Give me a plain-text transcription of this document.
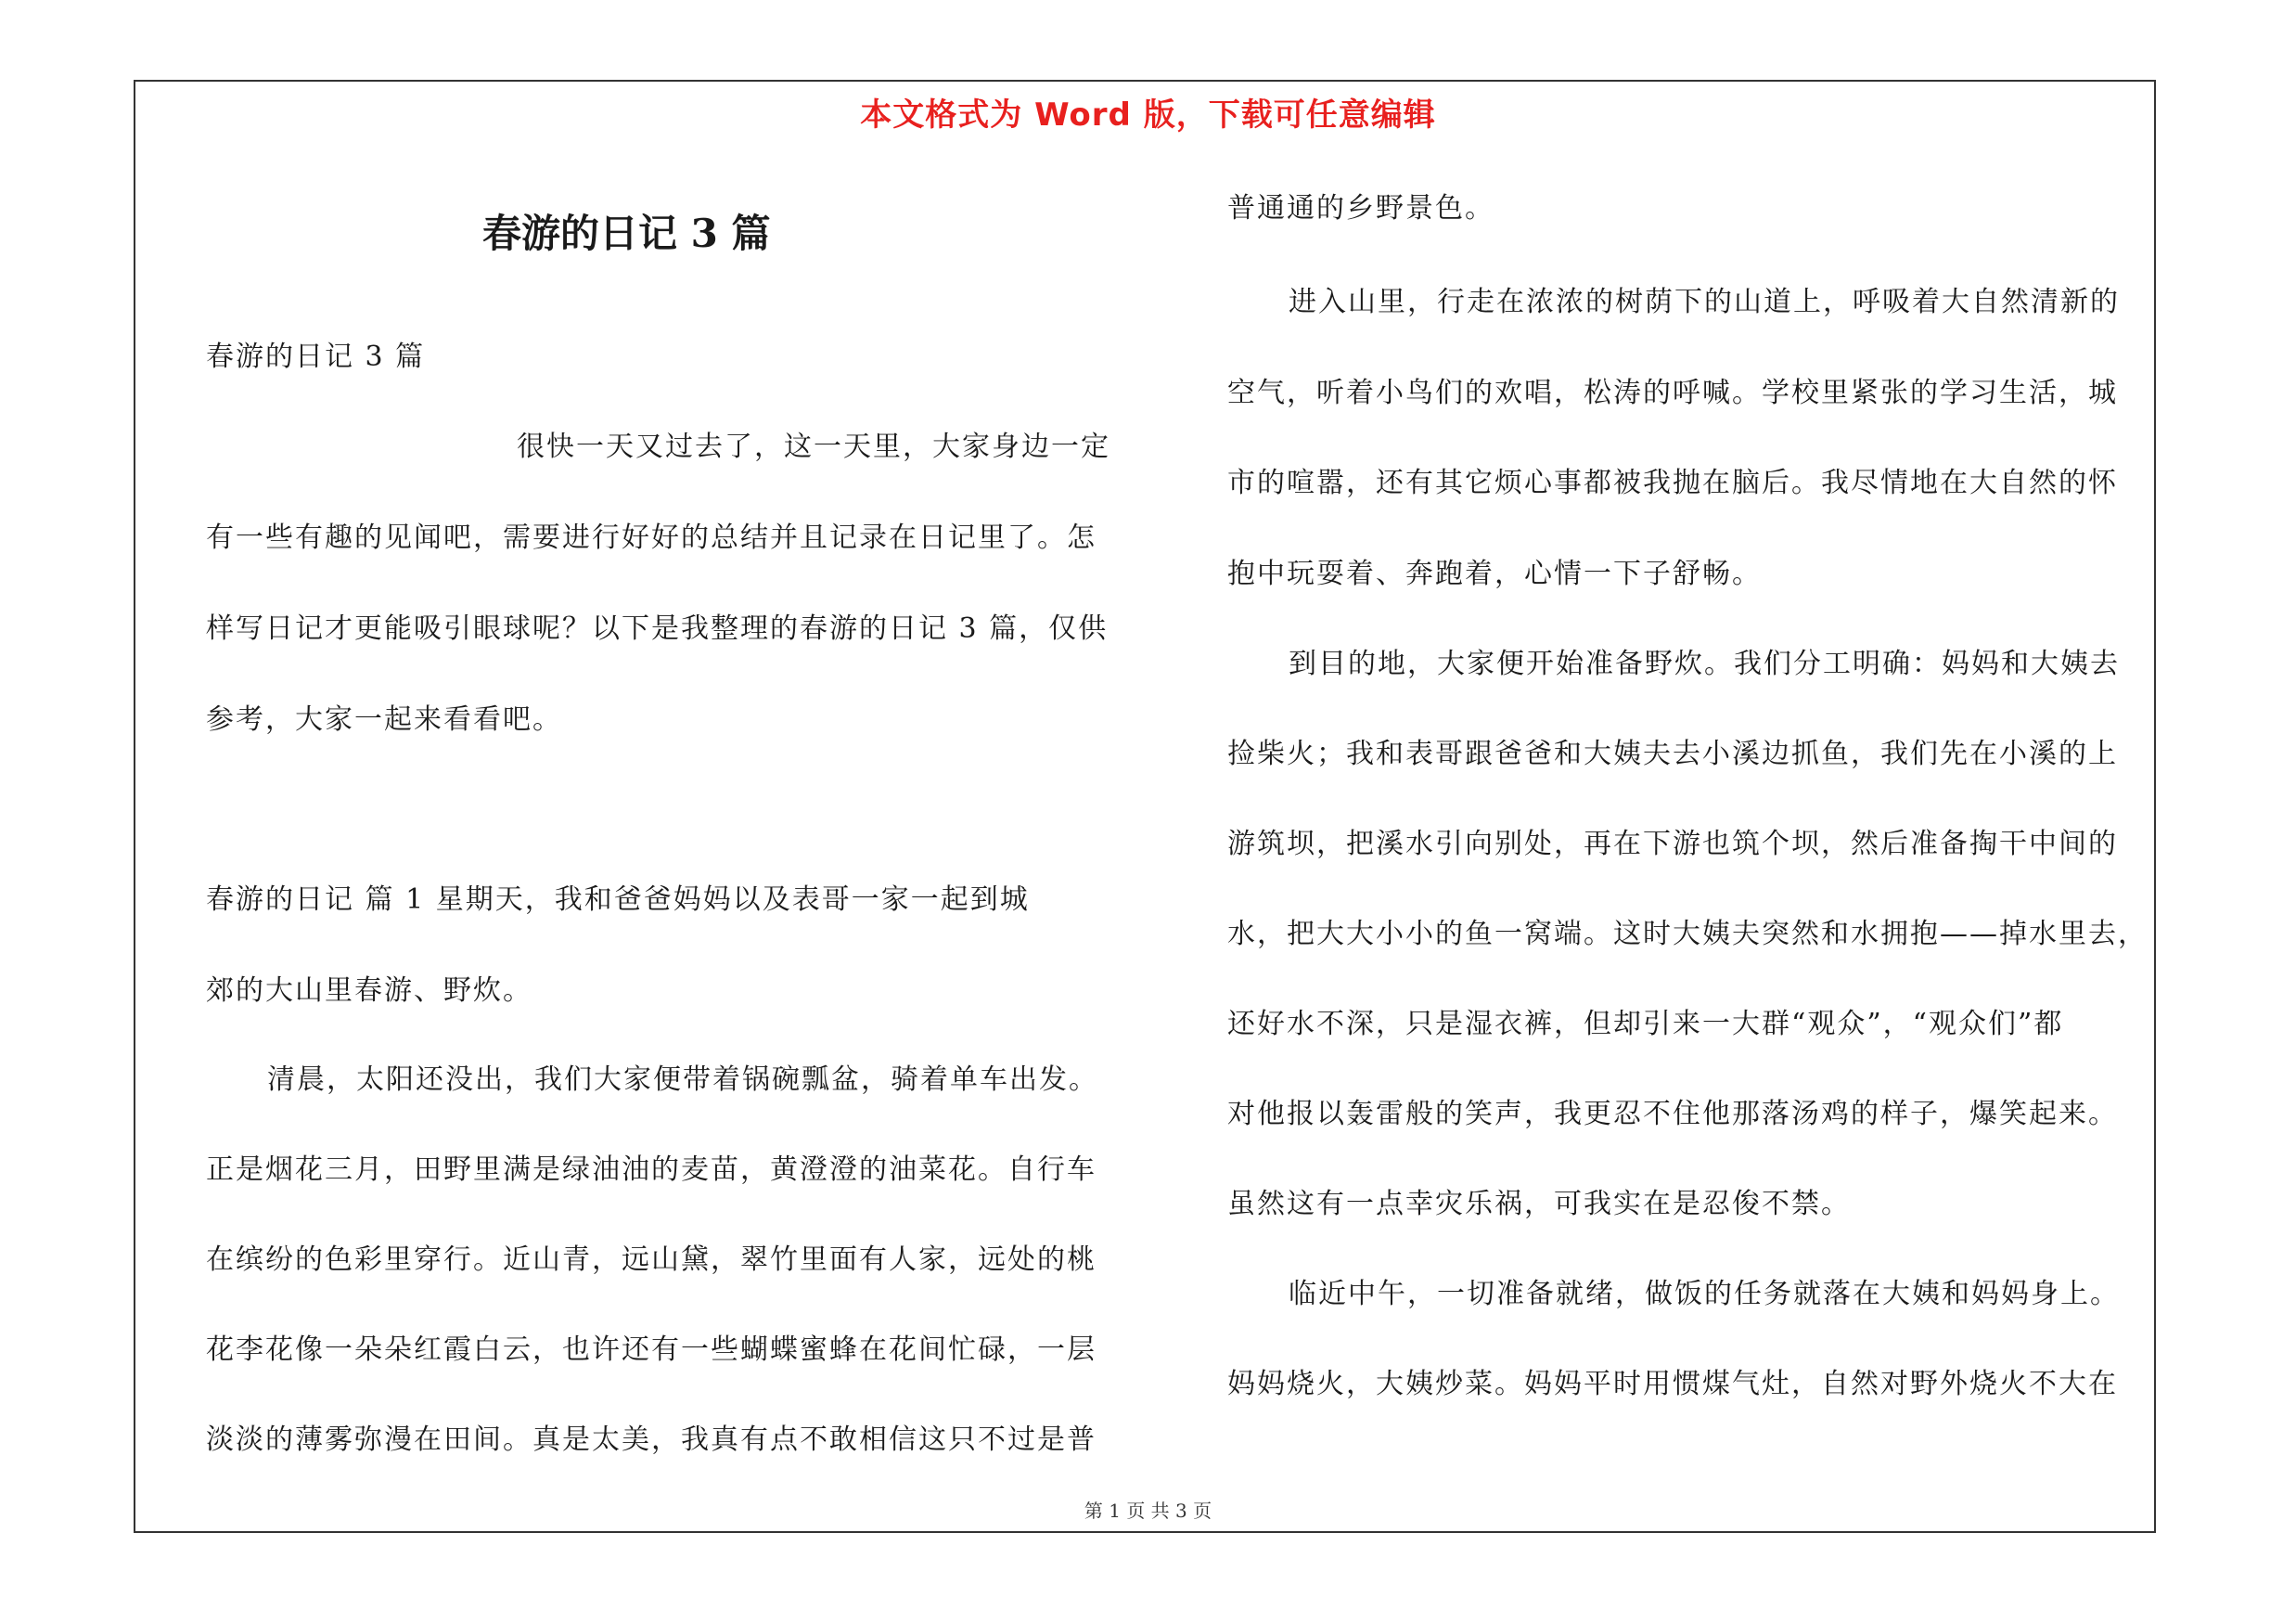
本文格式为 Word 版，下载可任意编辑
春游的日记 3 篇
春游的日记 3 篇
很快一天又过去了，这一天里，大家身边一定
有一些有趣的见闻吧，需要进行好好的总结并且记录在日记里了。怎
样写日记才更能吸引眼球呢？以下是我整理的春游的日记 3 篇，仅供
参考，大家一起来看看吧。
春游的日记 篇 1 星期天，我和爸爸妈妈以及表哥一家一起到城
郊的大山里春游、野炊。
清晨，太阳还没出，我们大家便带着锅碗瓢盆，骑着单车出发。
正是烟花三月，田野里满是绿油油的麦苗，黄澄澄的油菜花。自行车
在缤纷的色彩里穿行。近山青，远山黛，翠竹里面有人家，远处的桃
花李花像一朵朵红霞白云，也许还有一些蝴蝶蜜蜂在花间忙碌，一层
淡淡的薄雾弥漫在田间。真是太美，我真有点不敢相信这只不过是普
普通通的乡野景色。
进入山里，行走在浓浓的树荫下的山道上，呼吸着大自然清新的
空气，听着小鸟们的欢唱，松涛的呼喊。学校里紧张的学习生活，城
市的喧嚣，还有其它烦心事都被我抛在脑后。我尽情地在大自然的怀
抱中玩耍着、奔跑着，心情一下子舒畅。
到目的地，大家便开始准备野炊。我们分工明确：妈妈和大姨去
捡柴火；我和表哥跟爸爸和大姨夫去小溪边抓鱼，我们先在小溪的上
游筑坝，把溪水引向别处，再在下游也筑个坝，然后准备掏干中间的
水，把大大小小的鱼一窝端。这时大姨夫突然和水拥抱——掉水里去，
还好水不深，只是湿衣裤，但却引来一大群“观众”，“观众们”都
对他报以轰雷般的笑声，我更忍不住他那落汤鸡的样子，爆笑起来。
虽然这有一点幸灾乐祸，可我实在是忍俊不禁。
临近中午，一切准备就绪，做饭的任务就落在大姨和妈妈身上。
妈妈烧火，大姨炒菜。妈妈平时用惯煤气灶，自然对野外烧火不大在
第 1 页 共 3 页
